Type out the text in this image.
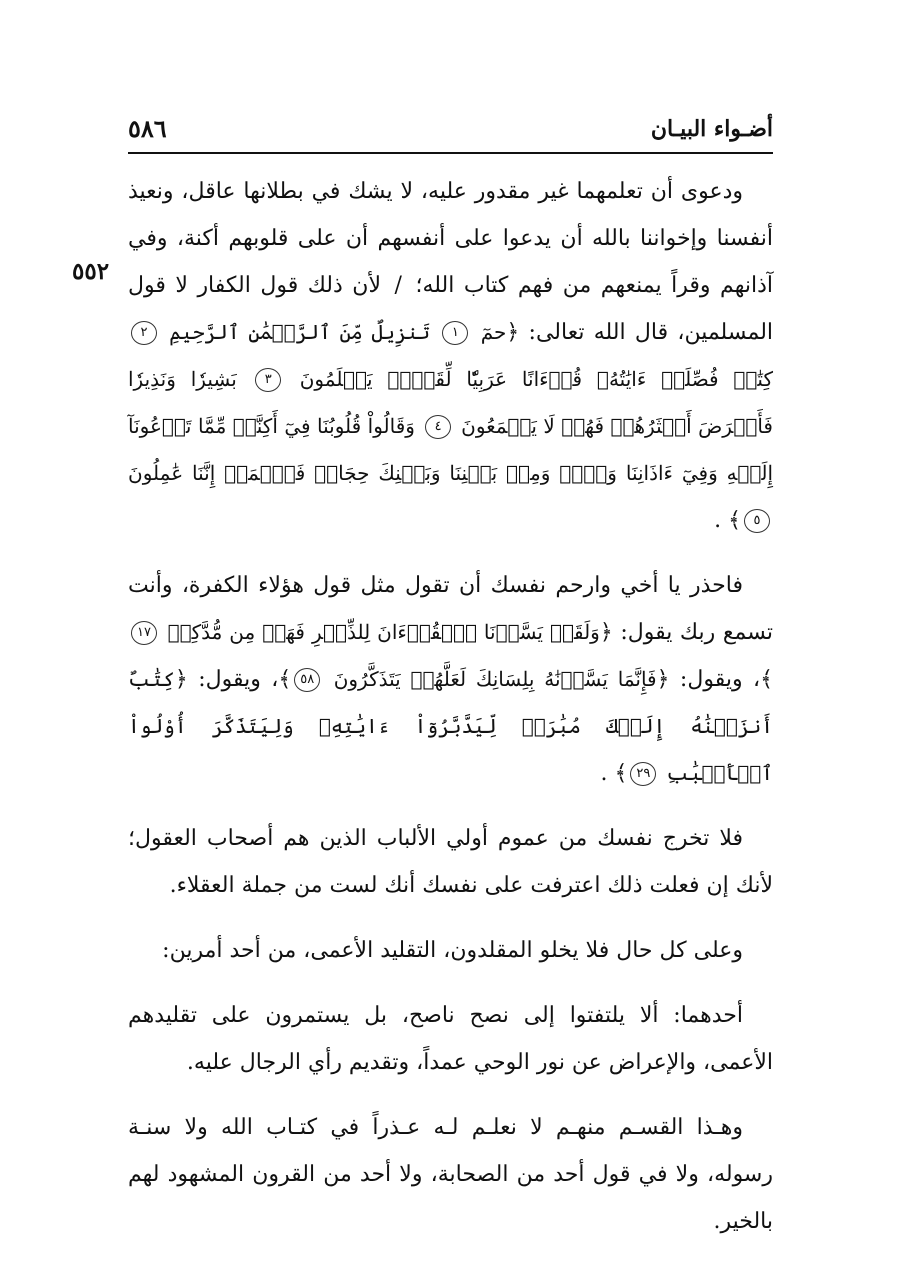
أضـواء البيـان
٥٨٦
٥٥٢

ودعوى أن تعلمهما غير مقدور عليه، لا يشك في بطلانها عاقل، ونعيذ أنفسنا وإخواننا بالله أن يدعوا على أنفسهم أن على قلوبهم أكنة، وفي آذانهم وقراً يمنعهم من فهم كتاب الله؛ / لأن ذلك قول الكفار لا قول المسلمين، قال الله تعالى: ﴿حمٓ ١ تَنزِيلٌ مِّنَ ٱلرَّحۡمَٰنِ ٱلرَّحِيمِ ٢ كِتَٰبٞ فُصِّلَتۡ ءَايَٰتُهُۥ قُرۡءَانًا عَرَبِيّٗا لِّقَوۡمٖ يَعۡلَمُونَ ٣ بَشِيرٗا وَنَذِيرٗا فَأَعۡرَضَ أَكۡثَرُهُمۡ فَهُمۡ لَا يَسۡمَعُونَ ٤ وَقَالُواْ قُلُوبُنَا فِيٓ أَكِنَّةٖ مِّمَّا تَدۡعُونَآ إِلَيۡهِ وَفِيٓ ءَاذَانِنَا وَقۡرٞ وَمِنۢ بَيۡنِنَا وَبَيۡنِكَ حِجَابٞ فَٱعۡمَلۡ إِنَّنَا عَٰمِلُونَ ٥﴾ .

فاحذر يا أخي وارحم نفسك أن تقول مثل قول هؤلاء الكفرة، وأنت تسمع ربك يقول: ﴿وَلَقَدۡ يَسَّرۡنَا ٱلۡقُرۡءَانَ لِلذِّكۡرِ فَهَلۡ مِن مُّدَّكِرٖ ١٧﴾، ويقول: ﴿فَإِنَّمَا يَسَّرۡنَٰهُ بِلِسَانِكَ لَعَلَّهُمۡ يَتَذَكَّرُونَ ٥٨﴾، ويقول: ﴿كِتَٰبٌ أَنزَلۡنَٰهُ إِلَيۡكَ مُبَٰرَكٞ لِّيَدَّبَّرُوٓاْ ءَايَٰتِهِۦ وَلِيَتَذَكَّرَ أُوْلُواْ ٱلۡأَلۡبَٰبِ ٢٩﴾ .

فلا تخرج نفسك من عموم أولي الألباب الذين هم أصحاب العقول؛ لأنك إن فعلت ذلك اعترفت على نفسك أنك لست من جملة العقلاء.

وعلى كل حال فلا يخلو المقلدون، التقليد الأعمى، من أحد أمرين:

أحدهما: ألا يلتفتوا إلى نصح ناصح، بل يستمرون على تقليدهم الأعمى، والإعراض عن نور الوحي عمداً، وتقديم رأي الرجال عليه.

وهـذا القسـم منهـم لا نعلـم لـه عـذراً في كتـاب الله ولا سنـة رسوله، ولا في قول أحد من الصحابة، ولا أحد من القرون المشهود لهم بالخير.
